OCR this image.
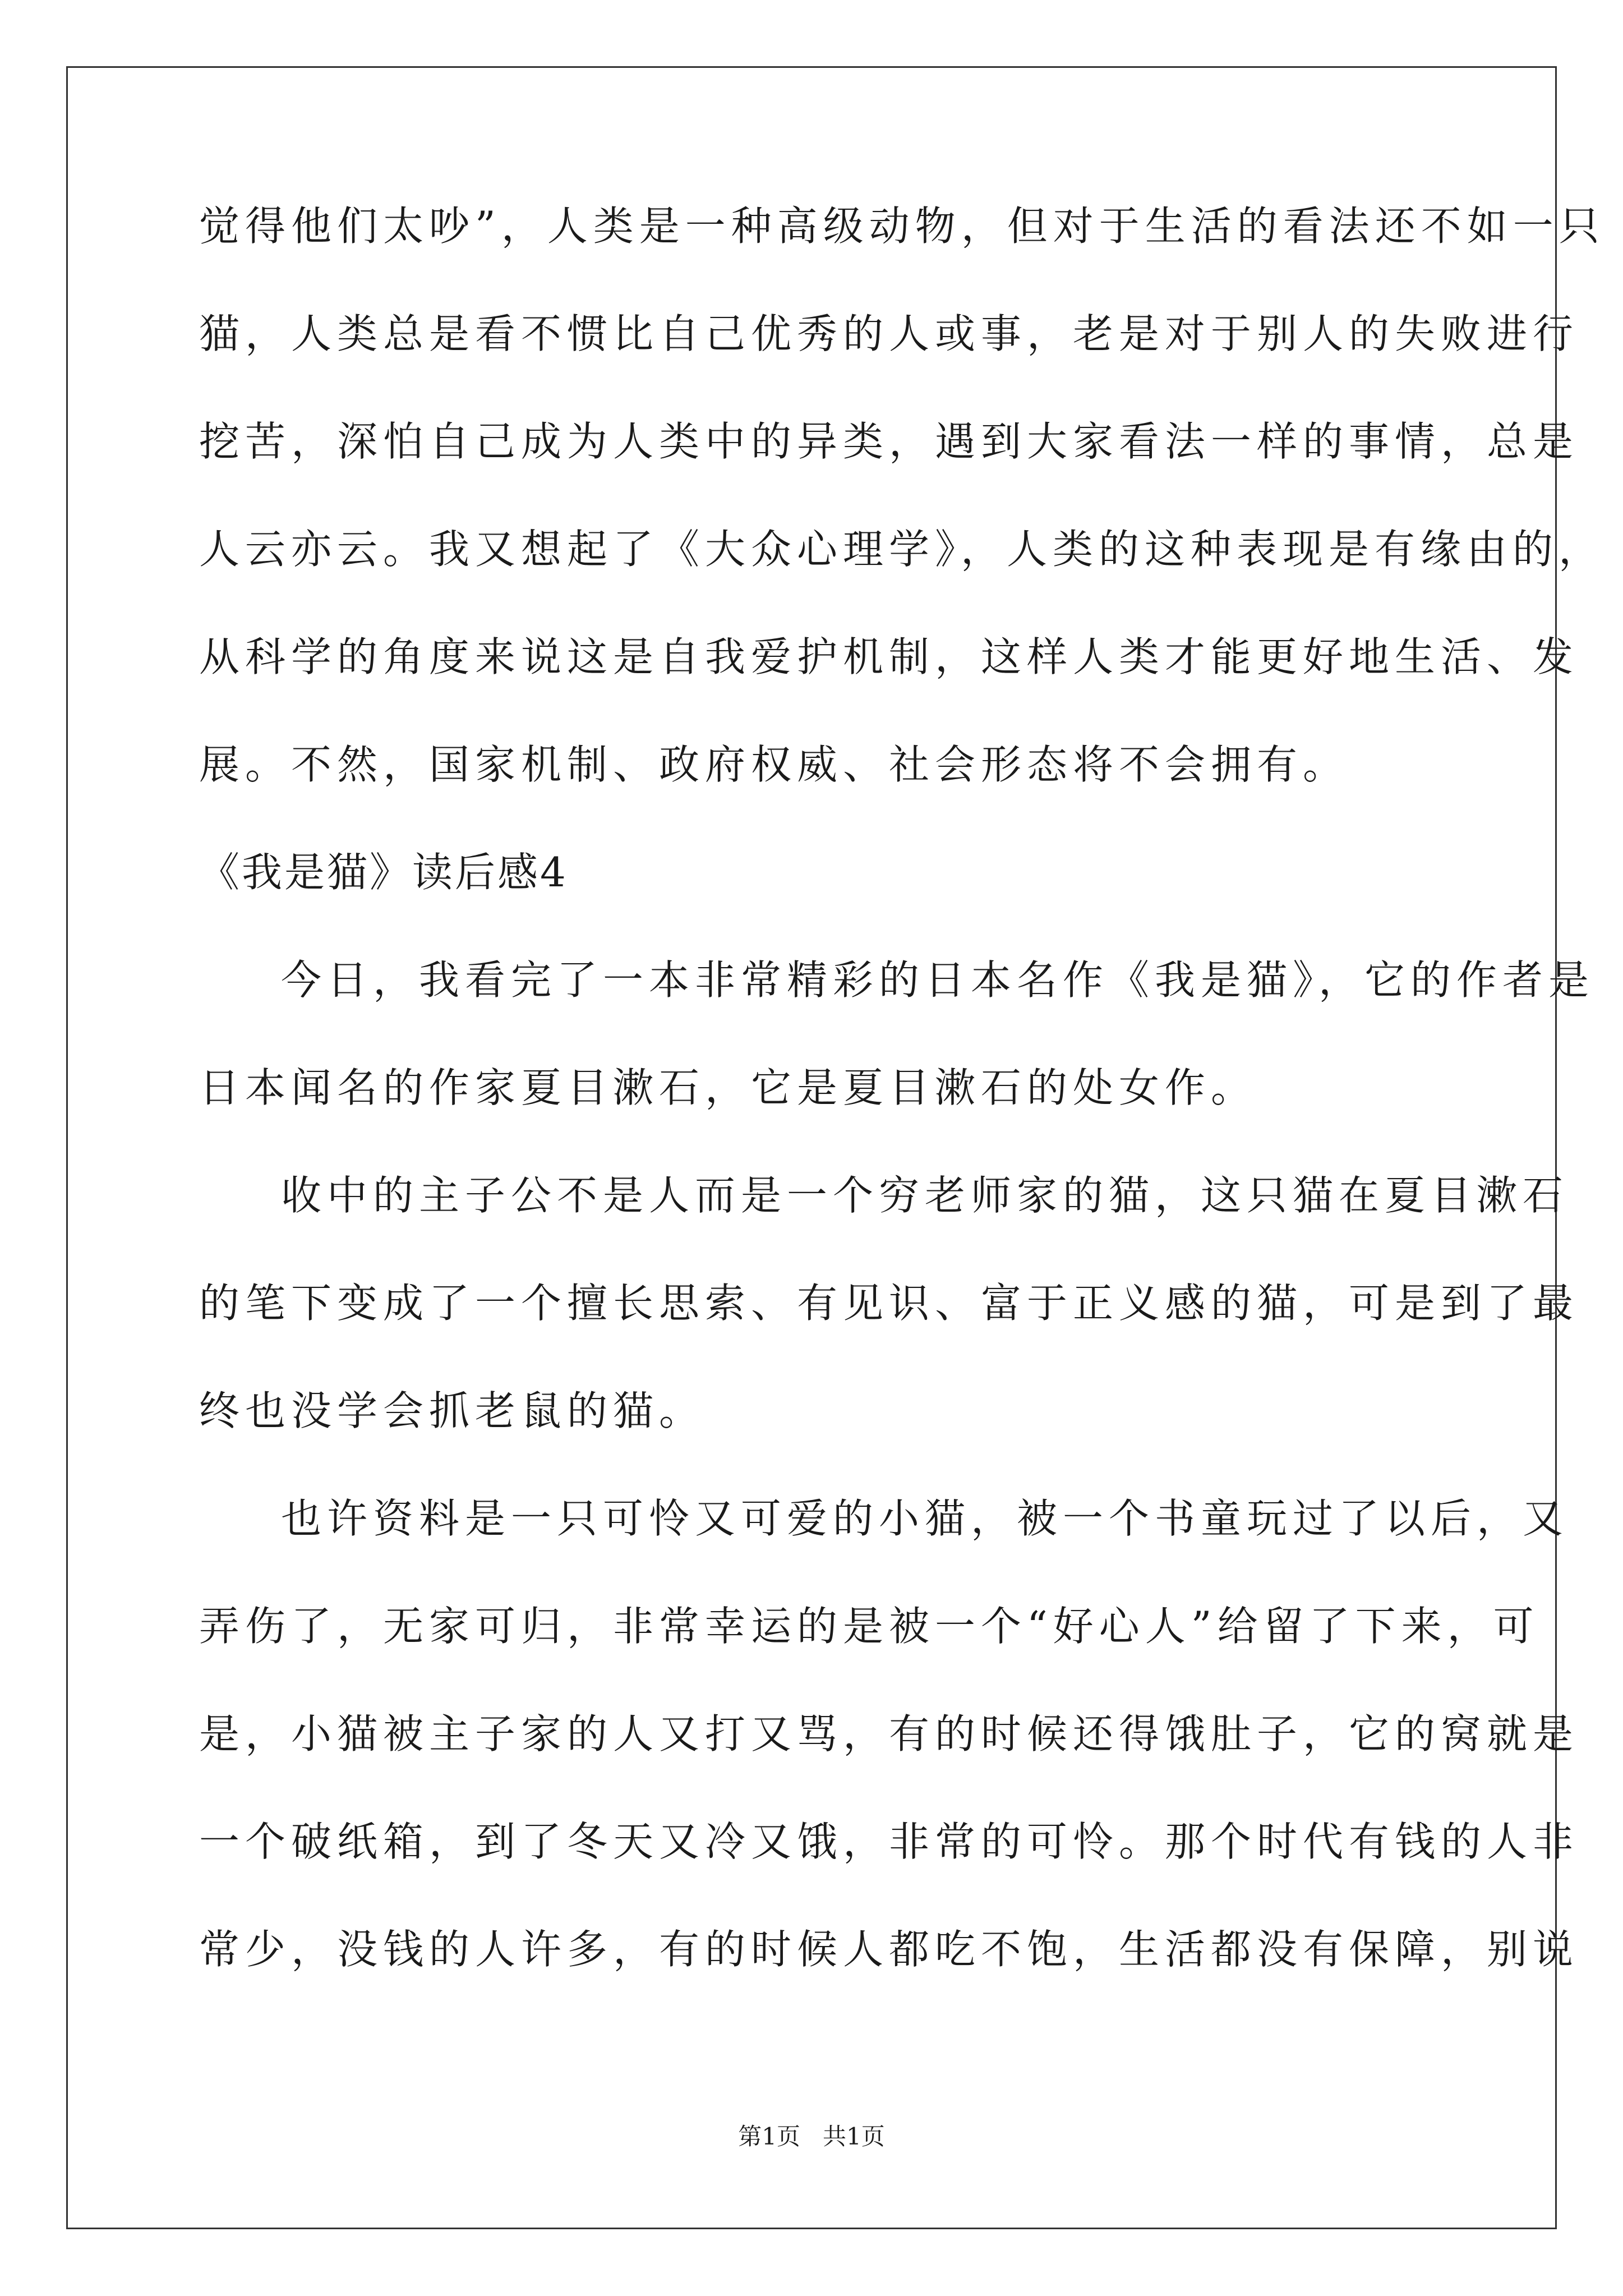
觉得他们太吵”，人类是一种高级动物，但对于生活的看法还不如一只
猫，人类总是看不惯比自己优秀的人或事，老是对于别人的失败进行
挖苦，深怕自己成为人类中的异类，遇到大家看法一样的事情，总是
人云亦云。我又想起了《大众心理学》，人类的这种表现是有缘由的，
从科学的角度来说这是自我爱护机制，这样人类才能更好地生活、发
展。不然，国家机制、政府权威、社会形态将不会拥有。
《我是猫》读后感4
今日，我看完了一本非常精彩的日本名作《我是猫》，它的作者是
日本闻名的作家夏目漱石，它是夏目漱石的处女作。
收中的主子公不是人而是一个穷老师家的猫，这只猫在夏目漱石
的笔下变成了一个擅长思索、有见识、富于正义感的猫，可是到了最
终也没学会抓老鼠的猫。
也许资料是一只可怜又可爱的小猫，被一个书童玩过了以后，又
弄伤了，无家可归，非常幸运的是被一个“好心人”给留了下来，可
是，小猫被主子家的人又打又骂，有的时候还得饿肚子，它的窝就是
一个破纸箱，到了冬天又冷又饿，非常的可怜。那个时代有钱的人非
常少，没钱的人许多，有的时候人都吃不饱，生活都没有保障，别说
第1页   共1页
